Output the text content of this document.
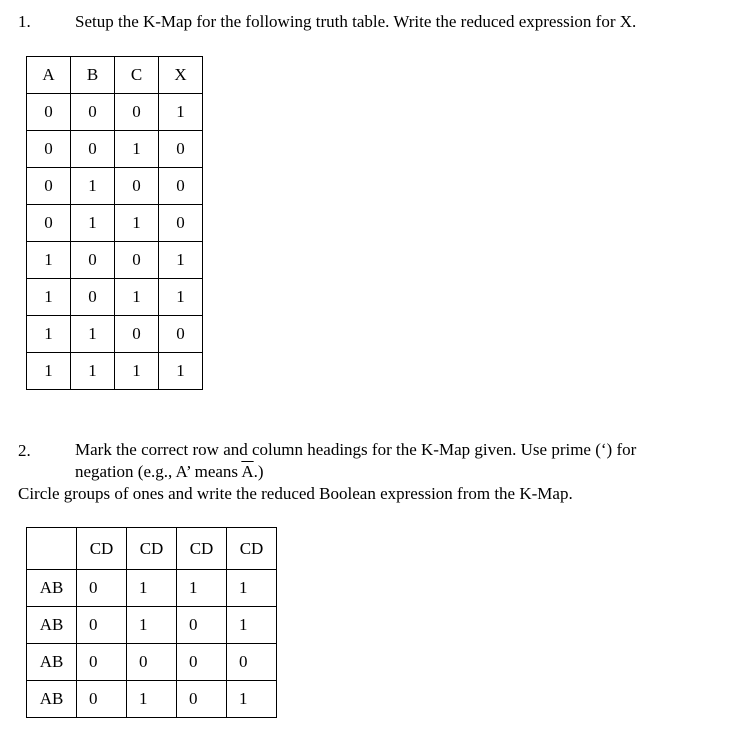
1.	Setup the K-Map for the following truth table. Write the reduced expression for X.
A	B	C	X
0	0	0	1
0	0	1	0
0	1	0	0
0	1	1	0
1	0	0	1
1	0	1	1
1	1	0	0
1	1	1	1
2.	Mark the correct row and column headings for the K-Map given. Use prime (‘) for
negation (e.g., A’ means $\overline{A}$.)
Circle groups of ones and write the reduced Boolean expression from the K-Map.
	CD	CD	CD	CD
AB	0	1	1	1
AB	0	1	0	1
AB	0	0	0	0
AB	0	1	0	1
